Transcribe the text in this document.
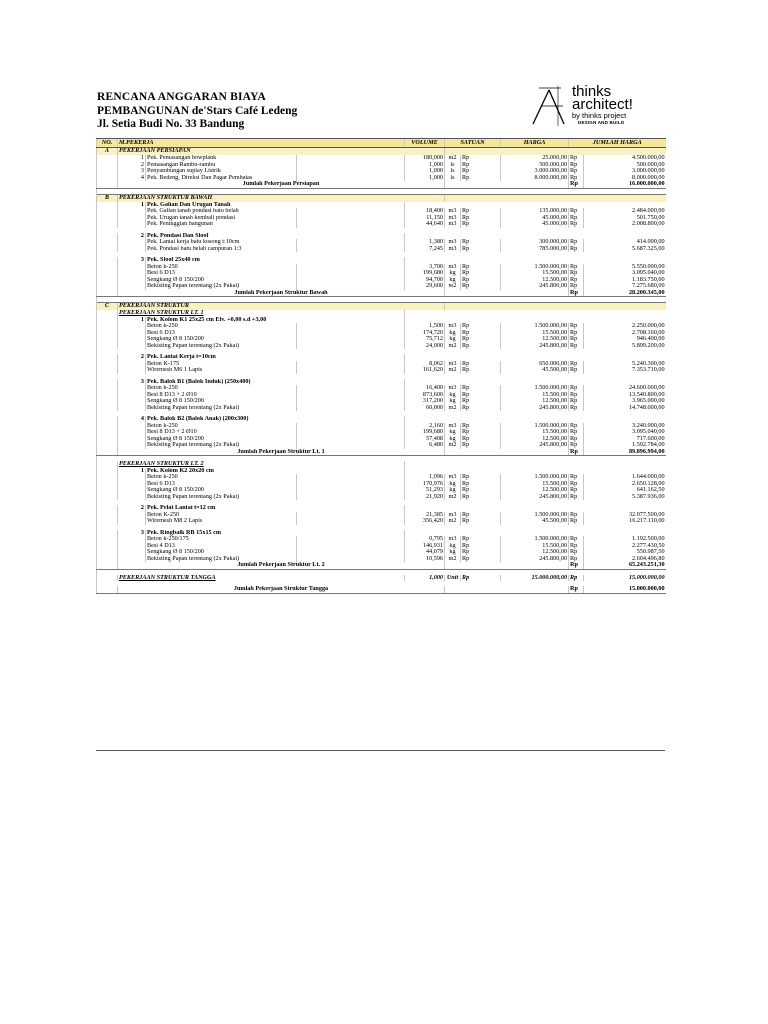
RENCANA ANGGARAN BIAYA
PEMBANGUNAN de'Stars Café Ledeng
Jl. Setia Budi No. 33 Bandung
thinks
architect!
by thinks project
DESIGN AND BUILD
NO.	M.PEKERJA			VOLUME	SATUAN		HARGA	JUMLAH HARGA	
A	PEKERJAAN PERSIAPAN								
	1	Pek. Pemasangan bowplank		180,000	m2	Rp	25.000,00	Rp	4.500.000,00
	2	Pemasangan Rambu-rambu		1,000	ls	Rp	500.000,00	Rp	500.000,00
	3	Penyambungan suplay Listrik		1,000	ls	Rp	3.000.000,00	Rp	3.000.000,00
	4	Pek. Bedeng, Direksi Dan Pagar Pembatas		1,000	ls	Rp	8.000.000,00	Rp	8.000.000,00
	Jumlah Pekerjaan Persiapan							Rp	16.000.000,00

B	PEKERJAAN STRUKTUR BAWAH								
	1	Pek. Galian Dan Urugan Tanah							
		Pek. Galian tanah pondasi batu belah		18,400	m3	Rp	135.000,00	Rp	2.484.000,00
		Pek. Urugan tanah kembali pondasi		11,150	m3	Rp	45.000,00	Rp	501.750,00
		Pek. Peninggian bangunan		44,640	m3	Rp	45.000,00	Rp	2.008.800,00

	2	Pek. Pondasi Dan Sloof							
		Pek. Lantai kerja batu kosong t:10cm		1,380	m3	Rp	300.000,00	Rp	414.000,00
		Pek. Pondasi batu belah campuran 1:3		7,245	m3	Rp	785.000,00	Rp	5.687.325,00

	3	Pek. Sloof 25x40 cm							
		Beton k-250		3,700	m3	Rp	1.500.000,00	Rp	5.550.000,00
		Besi 6 D13		199,680	kg	Rp	15.500,00	Rp	3.095.040,00
		Sengkang Ø 8 150/200		94,700	kg	Rp	12.500,00	Rp	1.183.750,00
		Bekisting Papan terentang (2x Pakai)		29,600	m2	Rp	245.800,00	Rp	7.275.680,00
	Jumlah Pekerjaan Struktur Bawah							Rp	28.200.345,00

C	PEKERJAAN STRUKTUR								
	PEKERJAAN STRUKTUR LT. 1								
	1	Pek. Kolom K1 25x25 cm Elv. +0,00 s.d +3,00							
		Beton k-250		1,500	m3	Rp	1.500.000,00	Rp	2.250.000,00
		Besi 6 D13		174,720	kg	Rp	15.500,00	Rp	2.708.160,00
		Sengkang Ø 8 150/200		75,712	kg	Rp	12.500,00	Rp	946.400,00
		Bekisting Papan terentang (2x Pakai)		24,000	m2	Rp	245.800,00	Rp	5.899.200,00

	2	Pek. Lantai Kerja t=10cm							
		Beton K-175		8,062	m3	Rp	650.000,00	Rp	5.240.300,00
		Wiremesh M6 1 Lapis		161,620	m2	Rp	45.500,00	Rp	7.353.710,00

	3	Pek. Balok B1 (Balok Induk) (250x400)							
		Beton k-250		16,400	m3	Rp	1.500.000,00	Rp	24.600.000,00
		Besi 8 D13 + 2 Ø10		873,600	kg	Rp	15.500,00	Rp	13.540.800,00
		Sengkang Ø 8 150/200		317,200	kg	Rp	12.500,00	Rp	3.965.000,00
		Bekisting Papan terentang (2x Pakai)		60,000	m2	Rp	245.800,00	Rp	14.748.000,00

	4	Pek. Balok B2 (Balok Anak) (200x300)							
		Beton k-250		2,160	m3	Rp	1.500.000,00	Rp	3.240.000,00
		Besi 8 D13 + 2 Ø10		199,680	kg	Rp	15.500,00	Rp	3.095.040,00
		Sengkang Ø 8 150/200		57,408	kg	Rp	12.500,00	Rp	717.600,00
		Bekisting Papan terentang (2x Pakai)		6,480	m2	Rp	245.800,00	Rp	1.592.784,00
	Jumlah Pekerjaan Struktur Lt. 1							Rp	89.896.994,00

	PEKERJAAN STRUKTUR LT. 2								
	1	Pek. Kolom K2 20x20 cm							
		Beton k-250		1,096	m3	Rp	1.500.000,00	Rp	1.644.000,00
		Besi 6 D13		170,976	kg	Rp	15.500,00	Rp	2.650.128,00
		Sengkang Ø 8 150/200		51,293	kg	Rp	12.500,00	Rp	641.162,50
		Bekisting Papan terentang (2x Pakai)		21,920	m2	Rp	245.800,00	Rp	5.387.936,00

	2	Pek. Pelat Lantai t=12 cm							
		Beton K-250		21,385	m3	Rp	1.500.000,00	Rp	32.077.500,00
		Wiremesh M8 2 Lapis		356,420	m2	Rp	45.500,00	Rp	16.217.110,00

	3	Pek. Ringbalk RB 15x15 cm							
		Beton k-250/175		0,795	m3	Rp	1.500.000,00	Rp	1.192.500,00
		Besi 4 D13		146,931	kg	Rp	15.500,00	Rp	2.277.430,50
		Sengkang Ø 8 150/200		44,079	kg	Rp	12.500,00	Rp	550.987,50
		Bekisting Papan terentang (2x Pakai)		10,596	m2	Rp	245.800,00	Rp	2.604.496,80
	Jumlah Pekerjaan Struktur Lt. 2							Rp	65.243.251,30

	PEKERJAAN STRUKTUR TANGGA			1,000	Unit	Rp	15.000.000,00	Rp	15.000.000,00

	Jumlah Pekerjaan Struktur Tangga							Rp	15.000.000,00
